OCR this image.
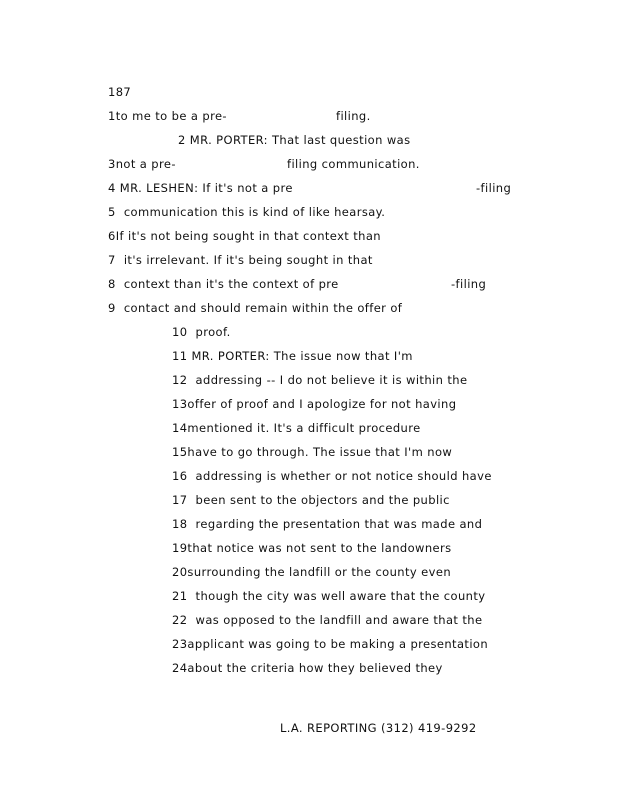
187
1to me to be a pre-	filing.
2 MR. PORTER: That last question was
3not a pre-	filing communication.
4 MR. LESHEN: If it's not a pre	-filing
5  communication this is kind of like hearsay.
6If it's not being sought in that context than
7  it's irrelevant. If it's being sought in that
8  context than it's the context of pre	-filing
9  contact and should remain within the offer of
10  proof.
11 MR. PORTER: The issue now that I'm
12  addressing -- I do not believe it is within the
13offer of proof and I apologize for not having
14mentioned it. It's a difficult procedure
15have to go through. The issue that I'm now
16  addressing is whether or not notice should have
17  been sent to the objectors and the public
18  regarding the presentation that was made and
19that notice was not sent to the landowners
20surrounding the landfill or the county even
21  though the city was well aware that the county
22  was opposed to the landfill and aware that the
23applicant was going to be making a presentation
24about the criteria how they believed they
L.A. REPORTING (312) 419-9292
